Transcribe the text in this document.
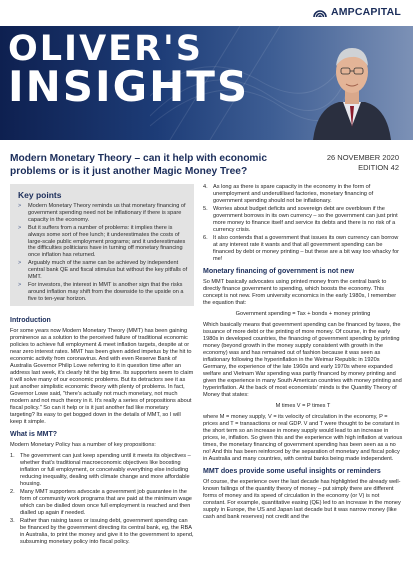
AMPCAPITAL
OLIVER'S
INSIGHTS
Modern Monetary Theory – can it help with economic problems or is it just another Magic Money Tree?
26 NOVEMBER 2020
EDITION 42
Key points
> Modern Monetary Theory reminds us that monetary financing of government spending need not be inflationary if there is spare capacity in the economy.
> But it suffers from a number of problems: it implies there is always some sort of free lunch; it underestimates the costs of large-scale public employment programs; and it underestimates the difficulties politicians have in turning off monetary financing once inflation has returned.
> Arguably much of the same can be achieved by independent central bank QE and fiscal stimulus but without the key pitfalls of MMT.
> For investors, the interest in MMT is another sign that the risks around inflation may shift from the downside to the upside on a five to ten-year horizon.
Introduction

For some years now Modern Monetary Theory (MMT) has been gaining prominence as a solution to the perceived failure of traditional economic policies to achieve full employment & meet inflation targets, despite at or near zero interest rates. MMT has been given added impetus by the hit to economic activity from coronavirus. And with even Reserve Bank of Australia Governor Philip Lowe referring to it in question time after an address last week, it's clearly hit the big time. Its supporters seem to claim it will solve many of our economic problems. But its detractors see it as just another simplistic economic theory with plenty of problems. In fact, Governor Lowe said, "there's actually not much monetary, not much modern and not much theory in it. It's really a series of propositions about fiscal policy." So can it help or is it just another fad like monetary targeting? Its easy to get bogged down in the details of MMT, so I will keep it simple.

What is MMT?

Modern Monetary Policy has a number of key propositions:

1. The government can just keep spending until it meets its objectives – whether that's traditional macroeconomic objectives like boosting inflation or full employment, or conceivably everything else including reducing inequality, dealing with climate change and more affordable housing.
2. Many MMT supporters advocate a government job guarantee in the form of community work programs that are paid at the minimum wage which can be dialled down once full employment is reached and then dialled up again if needed.
3. Rather than raising taxes or issuing debt, government spending can be financed by the government directing its central bank, eg, the RBA in Australia, to print the money and give it to the government to spend, subsuming monetary policy into fiscal policy.
4. As long as there is spare capacity in the economy in the form of unemployment and underutilised factories, monetary financing of government spending should not be inflationary.
5. Worries about budget deficits and sovereign debt are overblown if the government borrows in its own currency – so the government can just print more money to finance itself and service its debts and there is no risk of a currency crisis.
6. It also contends that a government that issues its own currency can borrow at any interest rate it wants and that all government spending can be financed by debt or money printing – but these are a bit way too whacky for me!
Monetary financing of government is not new

So MMT basically advocates using printed money from the central bank to directly finance government to spending, which boosts the economy. This concept is not new. From university economics in the early 1980s, I remember the equation that:

Government spending = Tax + bonds + money printing

Which basically means that government spending can be financed by taxes, the issuance of more debt or the printing of more money. Of course, in the early 1980s in developed countries, the financing of government spending by printing money (beyond growth in the money supply consistent with growth in the economy) was and has remained out of fashion because it was seen as inflationary following the hyperinflation in the Weimar Republic in 1920s Germany, the experience of the late 1960s and early 1970s where expanded welfare and Vietnam War spending was partly financed by money printing and given the experience in many South American countries with money printing and hyperinflation. At the back of most economists' minds is the Quantity Theory of Money that states:

M times V = P times T

where M = money supply, V = its velocity of circulation in the economy, P = prices and T = transactions or real GDP. V and T were thought to be constant in the short term so an increase in money supply would lead to an increase in prices, ie, inflation. So given this and the experience with high inflation at various times, the monetary financing of government spending has been seen as a no no! And this has been reinforced by the separation of monetary and fiscal policy in Australia and many countries, with central banks being made independent.

MMT does provide some useful insights or reminders

Of course, the experience over the last decade has highlighted the already well-known failings of the quantity theory of money – put simply there are different forms of money and its speed of circulation in the economy (or V) is not constant. For example, quantitative easing (QE) led to an increase in the money supply in Europe, the US and Japan last decade but it was narrow money (like cash and bank reserves) not credit and the
